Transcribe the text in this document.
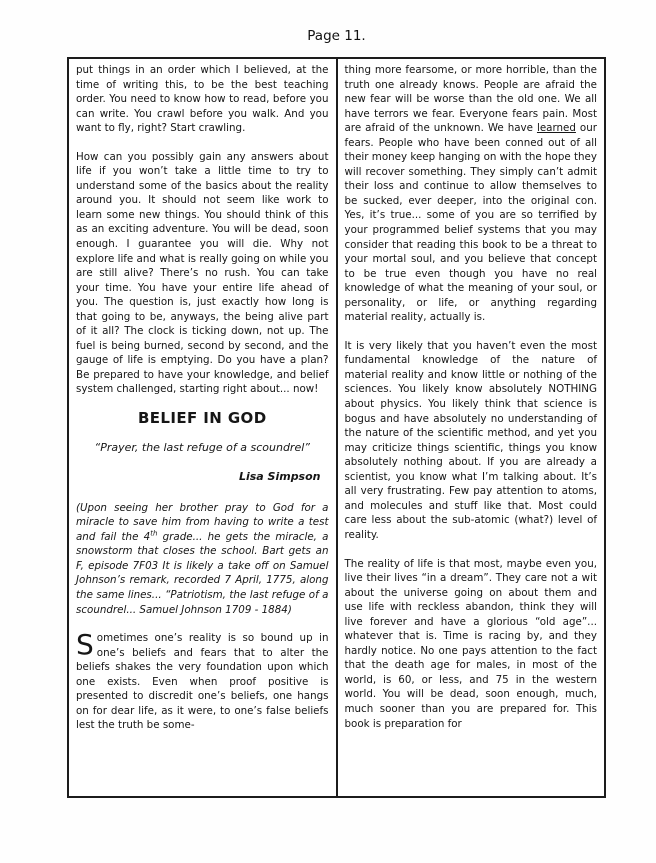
Page 11.

put things in an order which I believed, at the time of writing this, to be the best teaching order. You need to know how to read, before you can write. You crawl before you walk. And you want to fly, right? Start crawling.

How can you possibly gain any answers about life if you won’t take a little time to try to understand some of the basics about the reality around you. It should not seem like work to learn some new things. You should think of this as an exciting adventure. You will be dead, soon enough. I guarantee you will die. Why not explore life and what is really going on while you are still alive? There’s no rush. You can take your time. You have your entire life ahead of you. The question is, just exactly how long is that going to be, anyways, the being alive part of it all? The clock is ticking down, not up. The fuel is being burned, second by second, and the gauge of life is emptying. Do you have a plan? Be prepared to have your knowledge, and belief system challenged, starting right about... now!

BELIEF IN GOD

“Prayer, the last refuge of a scoundrel”

Lisa Simpson

(Upon seeing her brother pray to God for a miracle to save him from having to write a test and fail the 4th grade... he gets the miracle, a snowstorm that closes the school. Bart gets an F, episode 7F03 It is likely a take off on Samuel Johnson’s remark, recorded 7 April, 1775, along the same lines... “Patriotism, the last refuge of a scoundrel... Samuel Johnson 1709 - 1884)

Sometimes one’s reality is so bound up in one’s beliefs and fears that to alter the beliefs shakes the very foundation upon which one exists. Even when proof positive is presented to discredit one’s beliefs, one hangs on for dear life, as it were, to one’s false beliefs lest the truth be some-

thing more fearsome, or more horrible, than the truth one already knows. People are afraid the new fear will be worse than the old one. We all have terrors we fear. Everyone fears pain. Most are afraid of the unknown. We have learned our fears. People who have been conned out of all their money keep hanging on with the hope they will recover something. They simply can’t admit their loss and continue to allow themselves to be sucked, ever deeper, into the original con. Yes, it’s true... some of you are so terrified by your programmed belief systems that you may consider that reading this book to be a threat to your mortal soul, and you believe that concept to be true even though you have no real knowledge of what the meaning of your soul, or personality, or life, or anything regarding material reality, actually is.

It is very likely that you haven’t even the most fundamental knowledge of the nature of material reality and know little or nothing of the sciences. You likely know absolutely NOTHING about physics. You likely think that science is bogus and have absolutely no understanding of the nature of the scientific method, and yet you may criticize things scientific, things you know absolutely nothing about. If you are already a scientist, you know what I’m talking about. It’s all very frustrating. Few pay attention to atoms, and molecules and stuff like that. Most could care less about the sub-atomic (what?) level of reality.

The reality of life is that most, maybe even you, live their lives “in a dream”. They care not a wit about the universe going on about them and use life with reckless abandon, think they will live forever and have a glorious “old age”... whatever that is. Time is racing by, and they hardly notice. No one pays attention to the fact that the death age for males, in most of the world, is 60, or less, and 75 in the western world. You will be dead, soon enough, much, much sooner than you are prepared for. This book is preparation for
